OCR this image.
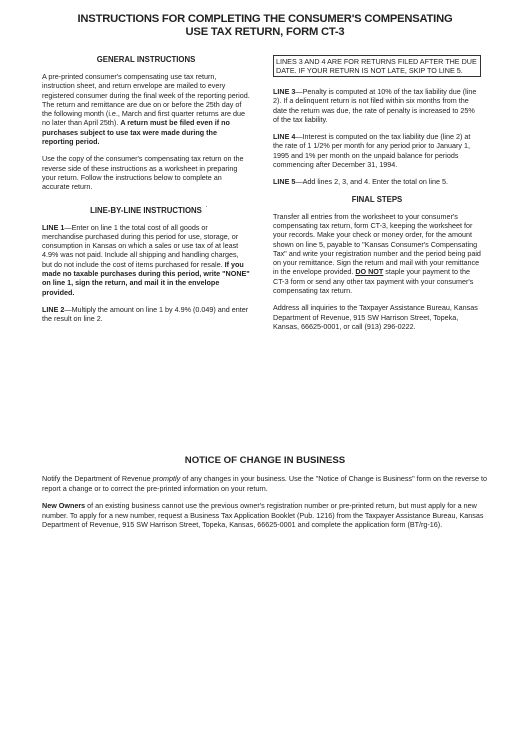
INSTRUCTIONS FOR COMPLETING THE CONSUMER'S COMPENSATING
USE TAX RETURN, FORM CT-3
GENERAL INSTRUCTIONS

A pre-printed consumer's compensating use tax return, instruction sheet, and return envelope are mailed to every registered consumer during the final week of the reporting period. The return and remittance are due on or before the 25th day of the following month (i.e., March and first quarter returns are due no later than April 25th). A return must be filed even if no purchases subject to use tax were made during the reporting period.

Use the copy of the consumer's compensating tax return on the reverse side of these instructions as a worksheet in preparing your return. Follow the instructions below to complete an accurate return.

LINE-BY-LINE INSTRUCTIONS

LINE 1—Enter on line 1 the total cost of all goods or merchandise purchased during this period for use, storage, or consumption in Kansas on which a sales or use tax of at least 4.9% was not paid. Include all shipping and handling charges, but do not include the cost of items purchased for resale. If you made no taxable purchases during this period, write "NONE" on line 1, sign the return, and mail it in the envelope provided.

LINE 2—Multiply the amount on line 1 by 4.9% (0.049) and enter the result on line 2.

LINES 3 AND 4 ARE FOR RETURNS FILED AFTER THE DUE
DATE. IF YOUR RETURN IS NOT LATE, SKIP TO LINE 5.

LINE 3—Penalty is computed at 10% of the tax liability due (line 2). If a delinquent return is not filed within six months from the date the return was due, the rate of penalty is increased to 25% of the tax liability.

LINE 4—Interest is computed on the tax liability due (line 2) at the rate of 1 1/2% per month for any period prior to January 1, 1995 and 1% per month on the unpaid balance for periods commencing after December 31, 1994.

LINE 5—Add lines 2, 3, and 4. Enter the total on line 5.

FINAL STEPS

Transfer all entries from the worksheet to your consumer's compensating tax return, form CT-3, keeping the worksheet for your records. Make your check or money order, for the amount shown on line 5, payable to "Kansas Consumer's Compensating Tax" and write your registration number and the period being paid on your remittance. Sign the return and mail with your remittance in the envelope provided. DO NOT staple your payment to the CT-3 form or send any other tax payment with your consumer's compensating tax return.

Address all inquiries to the Taxpayer Assistance Bureau, Kansas Department of Revenue, 915 SW Harrison Street, Topeka, Kansas, 66625-0001, or call (913) 296-0222.

NOTICE OF CHANGE IN BUSINESS

Notify the Department of Revenue promptly of any changes in your business. Use the "Notice of Change is Business" form on the reverse to report a change or to correct the pre-printed information on your return.

New Owners of an existing business cannot use the previous owner's registration number or pre-printed return, but must apply for a new number. To apply for a new number, request a Business Tax Application Booklet (Pub. 1216) from the Taxpayer Assistance Bureau, Kansas Department of Revenue, 915 SW Harrison Street, Topeka, Kansas, 66625-0001 and complete the application form (BT/rg-16).
